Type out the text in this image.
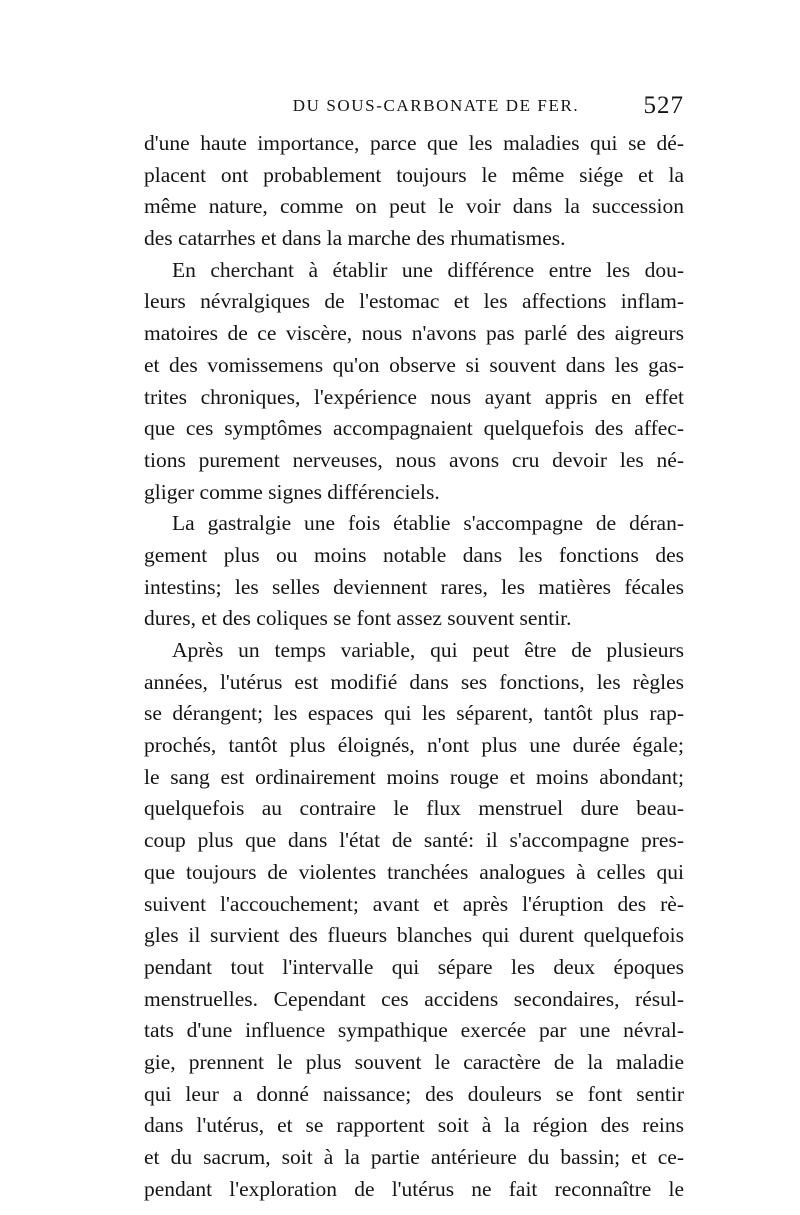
DU SOUS-CARBONATE DE FER.	527
d'une haute importance, parce que les maladies qui se dé-
placent ont probablement toujours le même siége et la
même nature, comme on peut le voir dans la succession
des catarrhes et dans la marche des rhumatismes.
En cherchant à établir une différence entre les dou-
leurs névralgiques de l'estomac et les affections inflam-
matoires de ce viscère, nous n'avons pas parlé des aigreurs
et des vomissemens qu'on observe si souvent dans les gas-
trites chroniques, l'expérience nous ayant appris en effet
que ces symptômes accompagnaient quelquefois des affec-
tions purement nerveuses, nous avons cru devoir les né-
gliger comme signes différenciels.
La gastralgie une fois établie s'accompagne de déran-
gement plus ou moins notable dans les fonctions des
intestins; les selles deviennent rares, les matières fécales
dures, et des coliques se font assez souvent sentir.
Après un temps variable, qui peut être de plusieurs
années, l'utérus est modifié dans ses fonctions, les règles
se dérangent; les espaces qui les séparent, tantôt plus rap-
prochés, tantôt plus éloignés, n'ont plus une durée égale;
le sang est ordinairement moins rouge et moins abondant;
quelquefois au contraire le flux menstruel dure beau-
coup plus que dans l'état de santé: il s'accompagne pres-
que toujours de violentes tranchées analogues à celles qui
suivent l'accouchement; avant et après l'éruption des rè-
gles il survient des flueurs blanches qui durent quelquefois
pendant tout l'intervalle qui sépare les deux époques
menstruelles. Cependant ces accidens secondaires, résul-
tats d'une influence sympathique exercée par une névral-
gie, prennent le plus souvent le caractère de la maladie
qui leur a donné naissance; des douleurs se font sentir
dans l'utérus, et se rapportent soit à la région des reins
et du sacrum, soit à la partie antérieure du bassin; et ce-
pendant l'exploration de l'utérus ne fait reconnaître le
